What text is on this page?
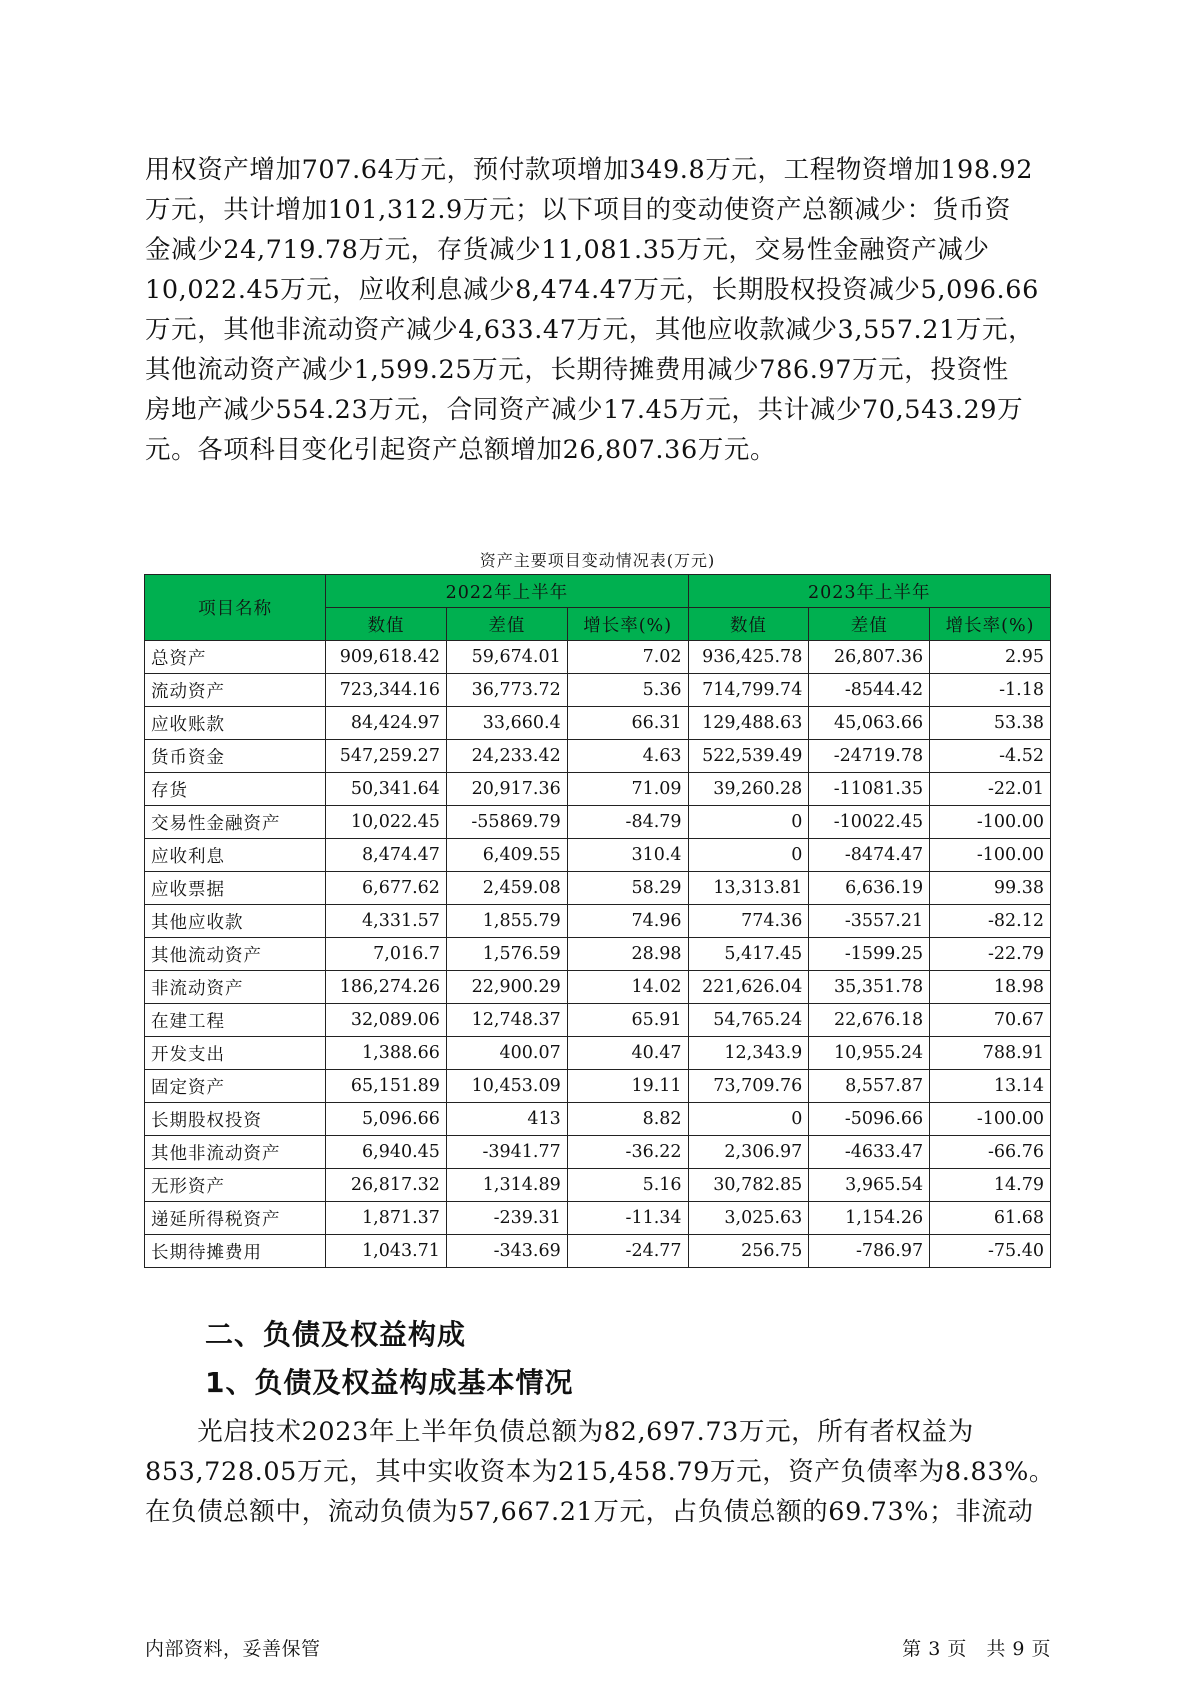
用权资产增加707.64万元，预付款项增加349.8万元，工程物资增加198.92

万元，共计增加101,312.9万元；以下项目的变动使资产总额减少：货币资

金减少24,719.78万元，存货减少11,081.35万元，交易性金融资产减少

10,022.45万元，应收利息减少8,474.47万元，长期股权投资减少5,096.66

万元，其他非流动资产减少4,633.47万元，其他应收款减少3,557.21万元，

其他流动资产减少1,599.25万元，长期待摊费用减少786.97万元，投资性

房地产减少554.23万元，合同资产减少17.45万元，共计减少70,543.29万

元。各项科目变化引起资产总额增加26,807.36万元。

资产主要项目变动情况表(万元)
项目名称	2022年上半年			2023年上半年		
	数值	差值	增长率(%)	数值	差值	增长率(%)
总资产	909,618.42	59,674.01	7.02	936,425.78	26,807.36	2.95
流动资产	723,344.16	36,773.72	5.36	714,799.74	-8544.42	-1.18
应收账款	84,424.97	33,660.4	66.31	129,488.63	45,063.66	53.38
货币资金	547,259.27	24,233.42	4.63	522,539.49	-24719.78	-4.52
存货	50,341.64	20,917.36	71.09	39,260.28	-11081.35	-22.01
交易性金融资产	10,022.45	-55869.79	-84.79	0	-10022.45	-100.00
应收利息	8,474.47	6,409.55	310.4	0	-8474.47	-100.00
应收票据	6,677.62	2,459.08	58.29	13,313.81	6,636.19	99.38
其他应收款	4,331.57	1,855.79	74.96	774.36	-3557.21	-82.12
其他流动资产	7,016.7	1,576.59	28.98	5,417.45	-1599.25	-22.79
非流动资产	186,274.26	22,900.29	14.02	221,626.04	35,351.78	18.98
在建工程	32,089.06	12,748.37	65.91	54,765.24	22,676.18	70.67
开发支出	1,388.66	400.07	40.47	12,343.9	10,955.24	788.91
固定资产	65,151.89	10,453.09	19.11	73,709.76	8,557.87	13.14
长期股权投资	5,096.66	413	8.82	0	-5096.66	-100.00
其他非流动资产	6,940.45	-3941.77	-36.22	2,306.97	-4633.47	-66.76
无形资产	26,817.32	1,314.89	5.16	30,782.85	3,965.54	14.79
递延所得税资产	1,871.37	-239.31	-11.34	3,025.63	1,154.26	61.68
长期待摊费用	1,043.71	-343.69	-24.77	256.75	-786.97	-75.40
二、负债及权益构成
1、负债及权益构成基本情况

　　光启技术2023年上半年负债总额为82,697.73万元，所有者权益为

853,728.05万元，其中实收资本为215,458.79万元，资产负债率为8.83%。

在负债总额中，流动负债为57,667.21万元，占负债总额的69.73%；非流动

内部资料，妥善保管	第 3 页　共 9 页
